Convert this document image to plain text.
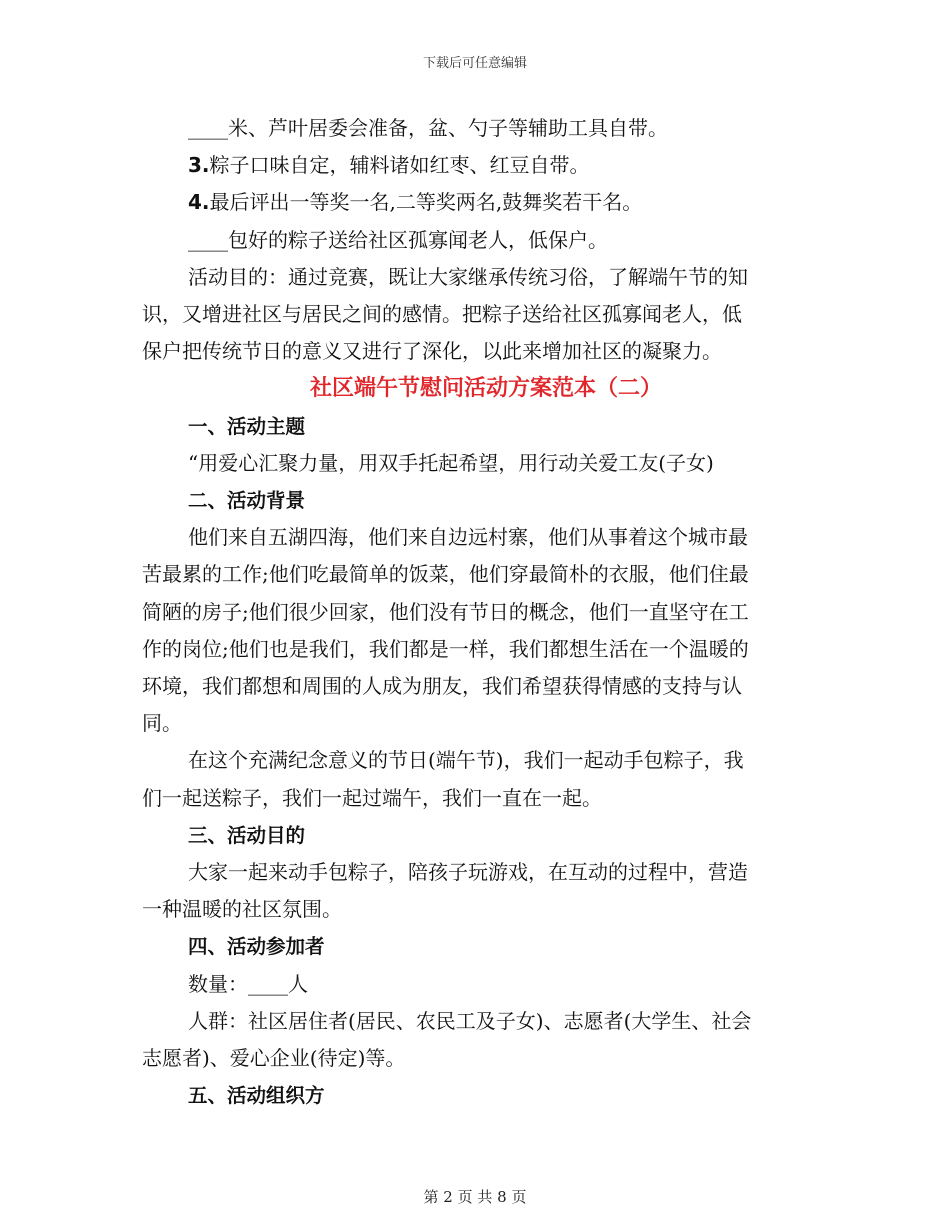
下载后可任意编辑
____米、芦叶居委会准备，盆、勺子等辅助工具自带。
3.粽子口味自定，辅料诸如红枣、红豆自带。
4.最后评出一等奖一名,二等奖两名,鼓舞奖若干名。
____包好的粽子送给社区孤寡闻老人，低保户。
活动目的：通过竞赛，既让大家继承传统习俗，了解端午节的知
识，又增进社区与居民之间的感情。把粽子送给社区孤寡闻老人，低
保户把传统节日的意义又进行了深化，以此来增加社区的凝聚力。
社区端午节慰问活动方案范本（二）
一、活动主题
“用爱心汇聚力量，用双手托起希望，用行动关爱工友(子女)
二、活动背景
他们来自五湖四海，他们来自边远村寨，他们从事着这个城市最
苦最累的工作;他们吃最简单的饭菜，他们穿最简朴的衣服，他们住最
简陋的房子;他们很少回家，他们没有节日的概念，他们一直坚守在工
作的岗位;他们也是我们，我们都是一样，我们都想生活在一个温暖的
环境，我们都想和周围的人成为朋友，我们希望获得情感的支持与认
同。
在这个充满纪念意义的节日(端午节)，我们一起动手包粽子，我
们一起送粽子，我们一起过端午，我们一直在一起。
三、活动目的
大家一起来动手包粽子，陪孩子玩游戏，在互动的过程中，营造
一种温暖的社区氛围。
四、活动参加者
数量：____人
人群：社区居住者(居民、农民工及子女)、志愿者(大学生、社会
志愿者)、爱心企业(待定)等。
五、活动组织方
第 2 页 共 8 页
